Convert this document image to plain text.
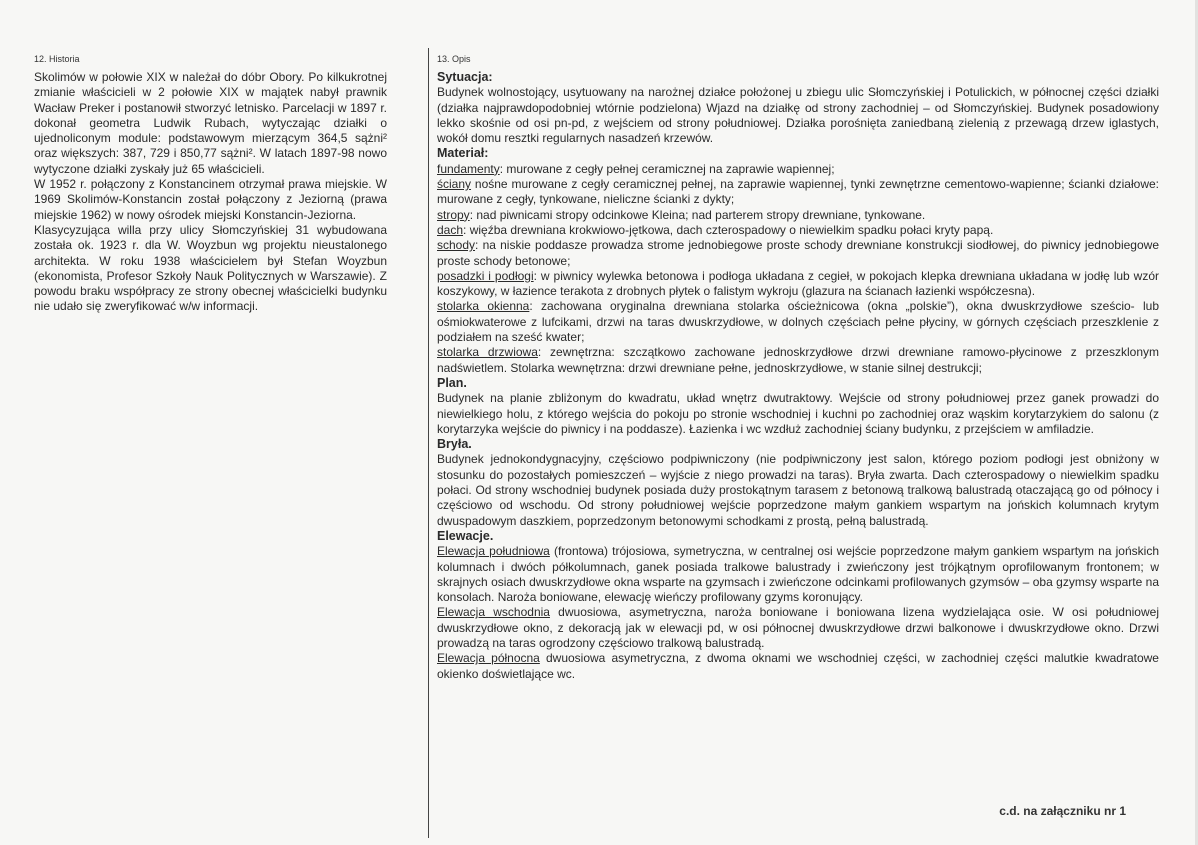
12. Historia

Skolimów w połowie XIX w należał do dóbr Obory. Po kilkukrotnej zmianie właścicieli w 2 połowie XIX w majątek nabył prawnik Wacław Preker i postanowił stworzyć letnisko. Parcelacji w 1897 r. dokonał geometra Ludwik Rubach, wytyczając działki o ujednoliconym module: podstawowym mierzącym 364,5 sążni² oraz większych: 387, 729 i 850,77 sążni². W latach 1897-98 nowo wytyczone działki zyskały już 65 właścicieli.

W 1952 r. połączony z Konstancinem otrzymał prawa miejskie. W 1969 Skolimów-Konstancin został połączony z Jeziorną (prawa miejskie 1962) w nowy ośrodek miejski Konstancin-Jeziorna.

Klasycyzująca willa przy ulicy Słomczyńskiej 31 wybudowana została ok. 1923 r. dla W. Woyzbun wg projektu nieustalonego architekta. W roku 1938 właścicielem był Stefan Woyzbun (ekonomista, Profesor Szkoły Nauk Politycznych w Warszawie). Z powodu braku współpracy ze strony obecnej właścicielki budynku nie udało się zweryfikować w/w informacji.

13. Opis

Sytuacja:

Budynek wolnostojący, usytuowany na narożnej działce położonej u zbiegu ulic Słomczyńskiej i Potulickich, w północnej części działki (działka najprawdopodobniej wtórnie podzielona) Wjazd na działkę od strony zachodniej – od Słomczyńskiej. Budynek posadowiony lekko skośnie od osi pn-pd, z wejściem od strony południowej. Działka porośnięta zaniedbaną zielenią z przewagą drzew iglastych, wokół domu resztki regularnych nasadzeń krzewów.

Materiał:

fundamenty: murowane z cegły pełnej ceramicznej na zaprawie wapiennej;

ściany nośne murowane z cegły ceramicznej pełnej, na zaprawie wapiennej, tynki zewnętrzne cementowo-wapienne; ścianki działowe: murowane z cegły, tynkowane, nieliczne ścianki z dykty;

stropy: nad piwnicami stropy odcinkowe Kleina; nad parterem stropy drewniane, tynkowane.

dach: więźba drewniana krokwiowo-jętkowa, dach czterospadowy o niewielkim spadku połaci kryty papą.

schody: na niskie poddasze prowadza strome jednobiegowe proste schody drewniane konstrukcji siodłowej, do piwnicy jednobiegowe proste schody betonowe;

posadzki i podłogi: w piwnicy wylewka betonowa i podłoga układana z cegieł, w pokojach klepka drewniana układana w jodłę lub wzór koszykowy, w łazience terakota z drobnych płytek o falistym wykroju (glazura na ścianach łazienki współczesna).

stolarka okienna: zachowana oryginalna drewniana stolarka ościeżnicowa (okna „polskie”), okna dwuskrzydłowe sześcio- lub ośmiokwaterowe z lufcikami, drzwi na taras dwuskrzydłowe, w dolnych częściach pełne płyciny, w górnych częściach przeszklenie z podziałem na sześć kwater;

stolarka drzwiowa: zewnętrzna: szczątkowo zachowane jednoskrzydłowe drzwi drewniane ramowo-płycinowe z przeszklonym nadświetlem. Stolarka wewnętrzna: drzwi drewniane pełne, jednoskrzydłowe, w stanie silnej destrukcji;

Plan.

Budynek na planie zbliżonym do kwadratu, układ wnętrz dwutraktowy. Wejście od strony południowej przez ganek prowadzi do niewielkiego holu, z którego wejścia do pokoju po stronie wschodniej i kuchni po zachodniej oraz wąskim korytarzykiem do salonu (z korytarzyka wejście do piwnicy i na poddasze). Łazienka i wc wzdłuż zachodniej ściany budynku, z przejściem w amfiladzie.

Bryła.

Budynek jednokondygnacyjny, częściowo podpiwniczony (nie podpiwniczony jest salon, którego poziom podłogi jest obniżony w stosunku do pozostałych pomieszczeń – wyjście z niego prowadzi na taras). Bryła zwarta. Dach czterospadowy o niewielkim spadku połaci. Od strony wschodniej budynek posiada duży prostokątnym tarasem z betonową tralkową balustradą otaczającą go od północy i częściowo od wschodu. Od strony południowej wejście poprzedzone małym gankiem wspartym na jońskich kolumnach krytym dwuspadowym daszkiem, poprzedzonym betonowymi schodkami z prostą, pełną balustradą.

Elewacje.

Elewacja południowa (frontowa) trójosiowa, symetryczna, w centralnej osi wejście poprzedzone małym gankiem wspartym na jońskich kolumnach i dwóch półkolumnach, ganek posiada tralkowe balustrady i zwieńczony jest trójkątnym oprofilowanym frontonem; w skrajnych osiach dwuskrzydłowe okna wsparte na gzymsach i zwieńczone odcinkami profilowanych gzymsów – oba gzymsy wsparte na konsolach. Naroża boniowane, elewację wieńczy profilowany gzyms koronujący.

Elewacja wschodnia dwuosiowa, asymetryczna, naroża boniowane i boniowana lizena wydzielająca osie. W osi południowej dwuskrzydłowe okno, z dekoracją jak w elewacji pd, w osi północnej dwuskrzydłowe drzwi balkonowe i dwuskrzydłowe okno. Drzwi prowadzą na taras ogrodzony częściowo tralkową balustradą.

Elewacja północna dwuosiowa asymetryczna, z dwoma oknami we wschodniej części, w zachodniej części malutkie kwadratowe okienko doświetlające wc.

c.d. na załączniku nr 1
